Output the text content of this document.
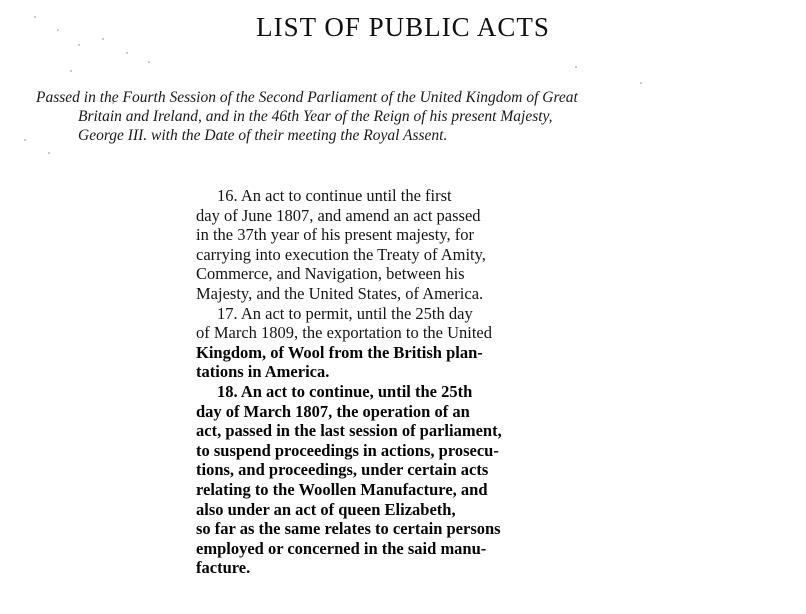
LIST OF PUBLIC ACTS
Passed in the Fourth Session of the Second Parliament of the United Kingdom of Great
Britain and Ireland, and in the 46th Year of the Reign of his present Majesty,
George III. with the Date of their meeting the Royal Assent.
16. An act to continue until the first
day of June 1807, and amend an act passed
in the 37th year of his present majesty, for
carrying into execution the Treaty of Amity,
Commerce, and Navigation, between his
Majesty, and the United States, of America.
17. An act to permit, until the 25th day
of March 1809, the exportation to the United
Kingdom, of Wool from the British plan-
tations in America.
18. An act to continue, until the 25th
day of March 1807, the operation of an
act, passed in the last session of parliament,
to suspend proceedings in actions, prosecu-
tions, and proceedings, under certain acts
relating to the Woollen Manufacture, and
also under an act of queen Elizabeth,
so far as the same relates to certain persons
employed or concerned in the said manu-
facture.
